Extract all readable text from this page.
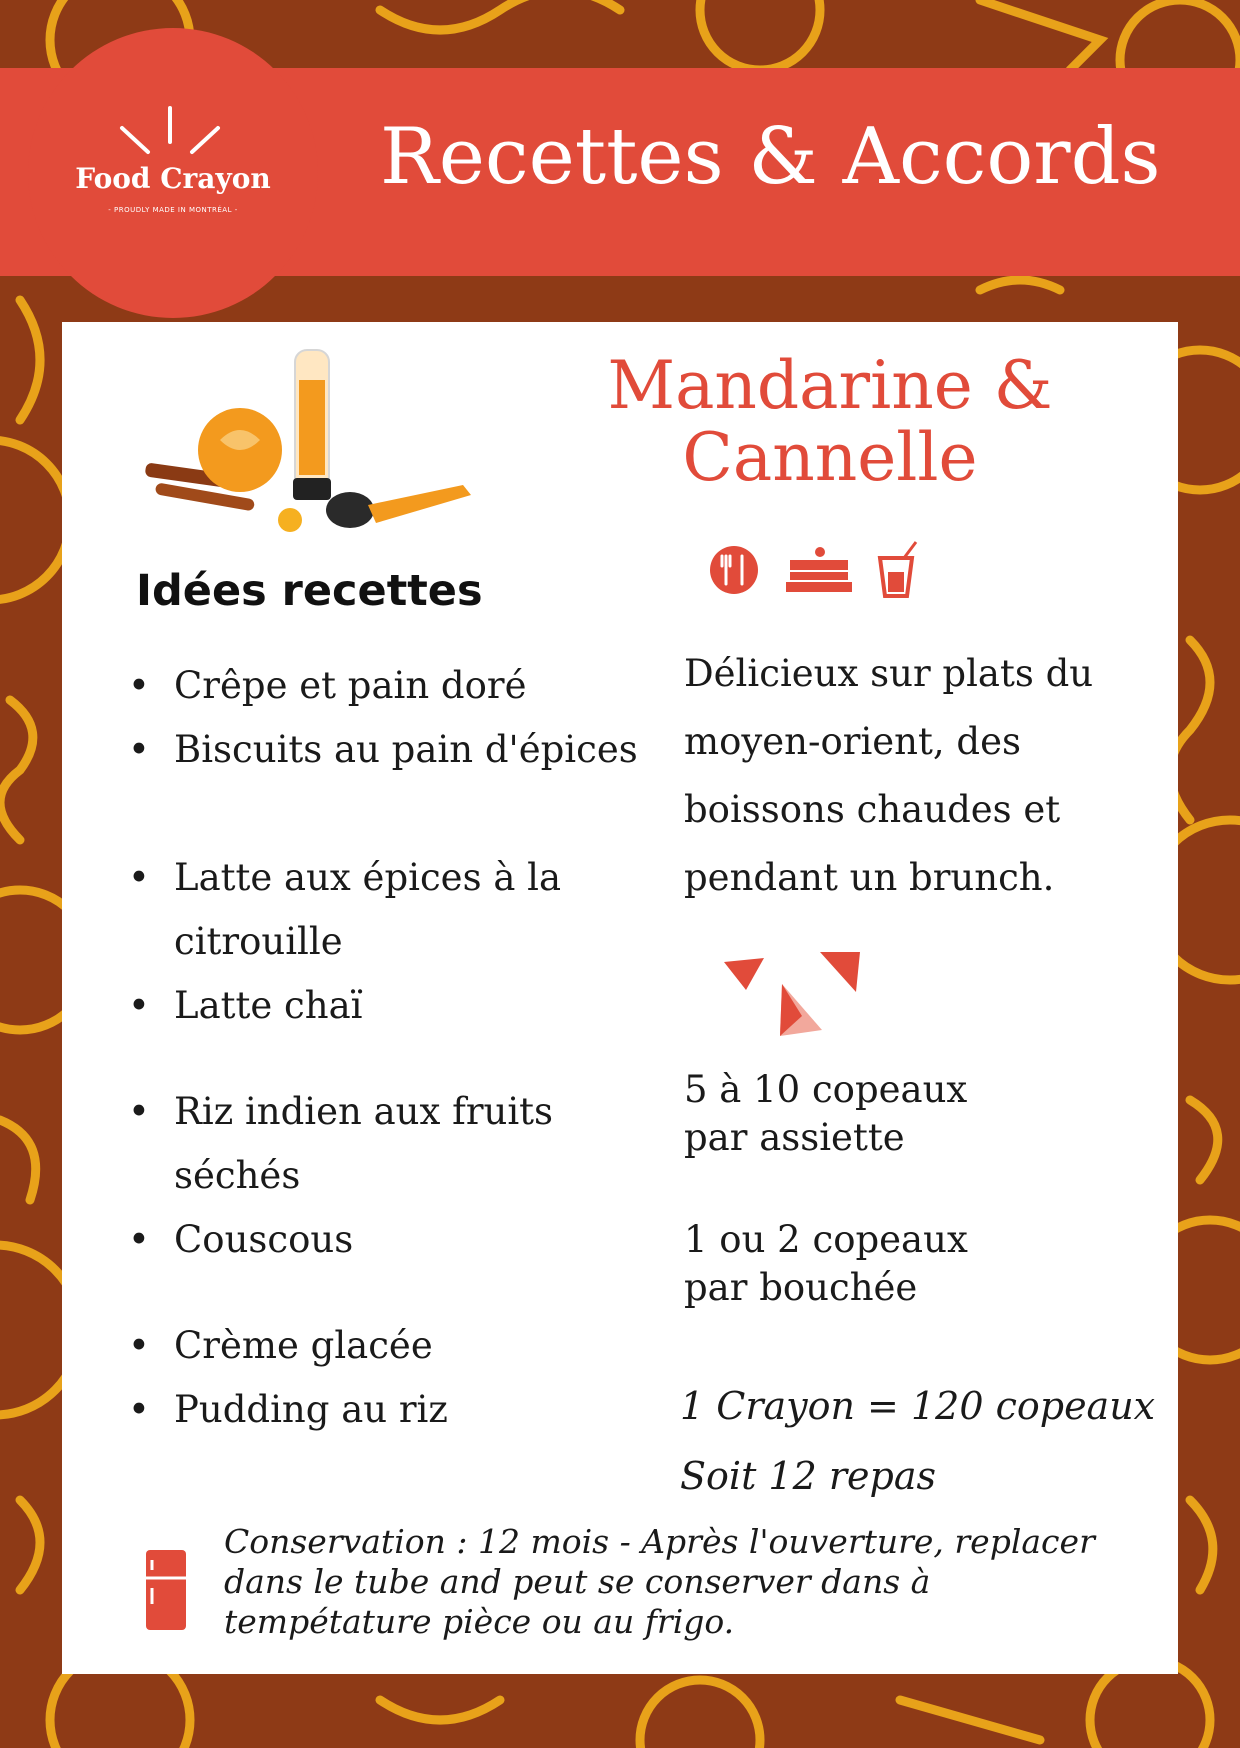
Food Crayon
- PROUDLY MADE IN MONTRÉAL -
Recettes & Accords
Mandarine &
Cannelle
Idées recettes
• Crêpe et pain doré
• Biscuits au pain d'épices
• Latte aux épices à la
citrouille
• Latte chaï
• Riz indien aux fruits
séchés
• Couscous
• Crème glacée
• Pudding au riz
Délicieux sur plats du
moyen-orient, des
boissons chaudes et
pendant un brunch.
5 à 10 copeaux
par assiette
1 ou 2 copeaux
par bouchée
1 Crayon = 120 copeaux
Soit 12 repas
Conservation : 12 mois - Aprè​s l'ouverture, replacer
dans le tube and peut se conserver dans à
tempétature pièce ou au frigo.
